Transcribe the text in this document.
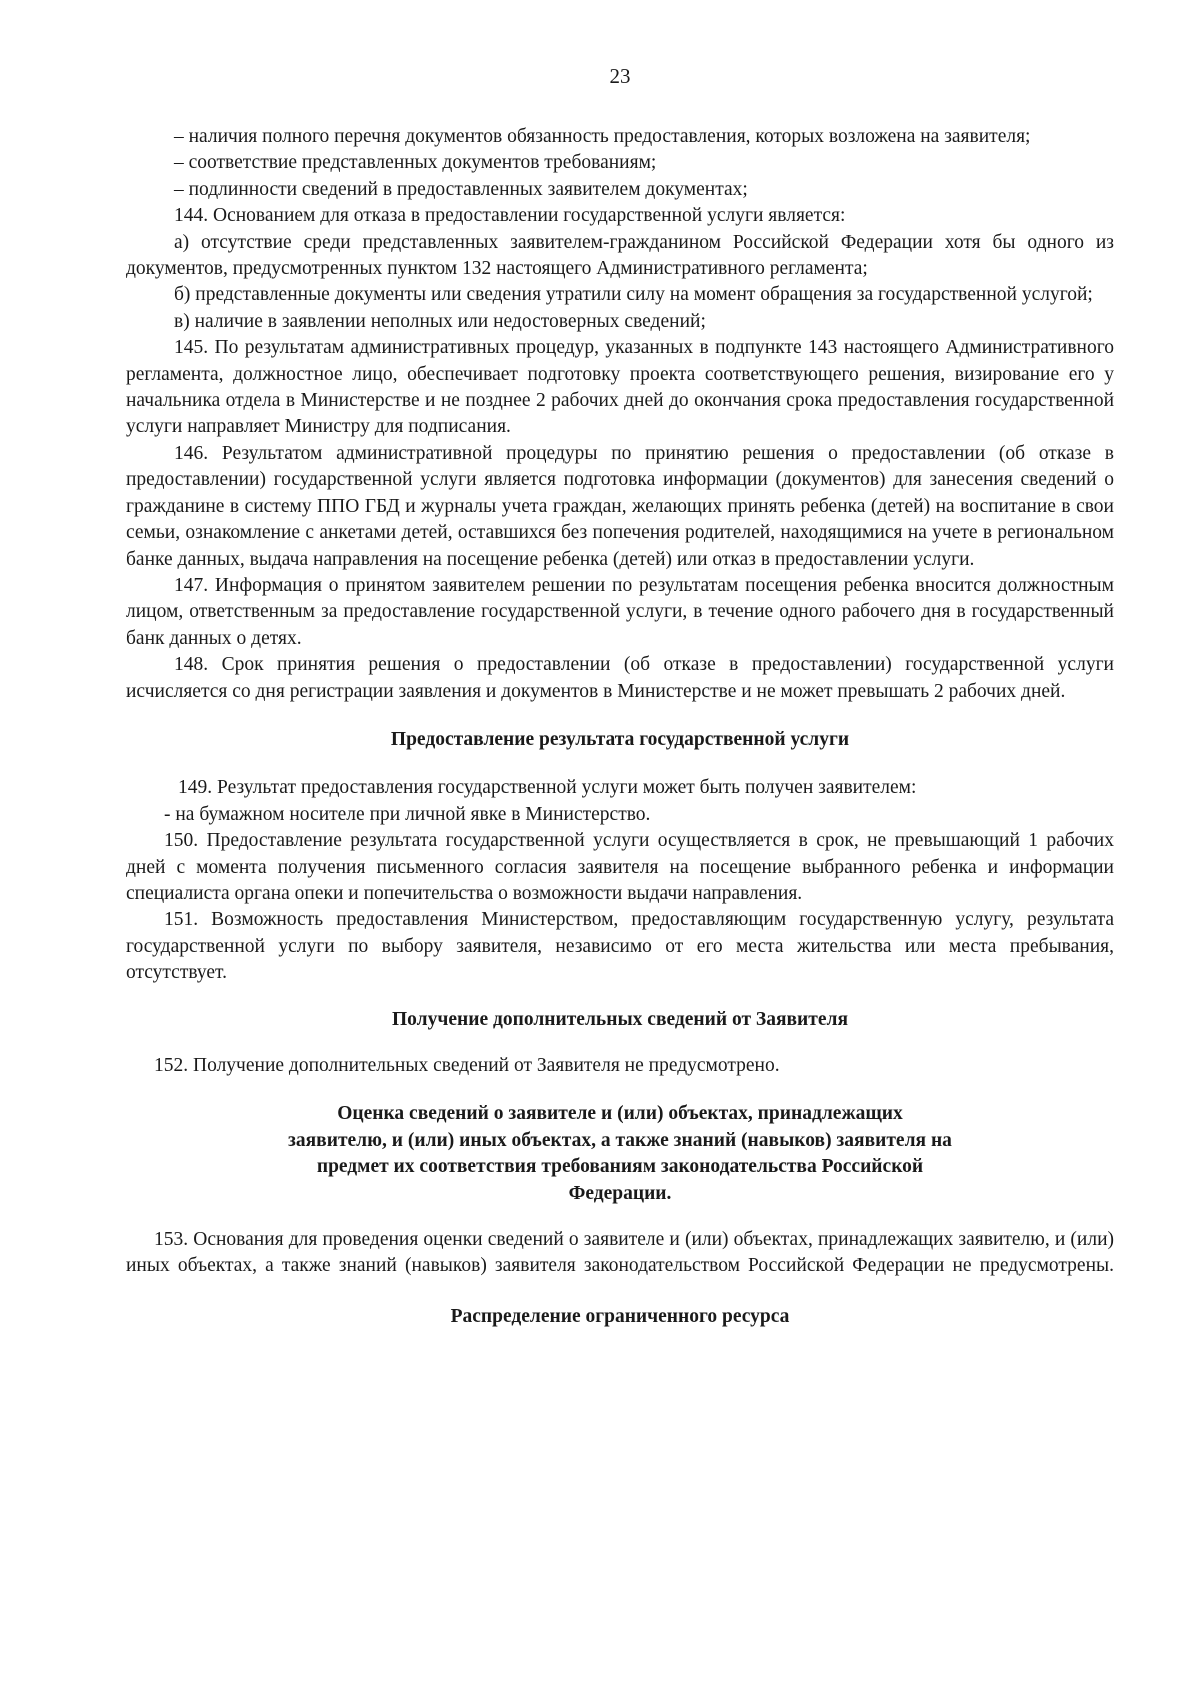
23

– наличия полного перечня документов обязанность предоставления, которых возложена на заявителя;

– соответствие представленных документов требованиям;

– подлинности сведений в предоставленных заявителем документах;

144. Основанием для отказа в предоставлении государственной услуги является:

а) отсутствие среди представленных заявителем-гражданином Российской Федерации хотя бы одного из документов, предусмотренных пунктом 132 настоящего Административного регламента;

б) представленные документы или сведения утратили силу на момент обращения за государственной услугой;

в) наличие в заявлении неполных или недостоверных сведений;

145. По результатам административных процедур, указанных в подпункте 143 настоящего Административного регламента, должностное лицо, обеспечивает подготовку проекта соответствующего решения, визирование его у начальника отдела в Министерстве и не позднее 2 рабочих дней до окончания срока предоставления государственной услуги направляет Министру для подписания.

146. Результатом административной процедуры по принятию решения о предоставлении (об отказе в предоставлении) государственной услуги является подготовка информации (документов) для занесения сведений о гражданине в систему ППО ГБД и журналы учета граждан, желающих принять ребенка (детей) на воспитание в свои семьи, ознакомление с анкетами детей, оставшихся без попечения родителей, находящимися на учете в региональном банке данных, выдача направления на посещение ребенка (детей) или отказ в предоставлении услуги.

147. Информация о принятом заявителем решении по результатам посещения ребенка вносится должностным лицом, ответственным за предоставление государственной услуги, в течение одного рабочего дня в государственный банк данных о детях.

148. Срок принятия решения о предоставлении (об отказе в предоставлении) государственной услуги исчисляется со дня регистрации заявления и документов в Министерстве и не может превышать 2 рабочих дней.

Предоставление результата государственной услуги

149. Результат предоставления государственной услуги может быть получен заявителем:

- на бумажном носителе при личной явке в Министерство.

150. Предоставление результата государственной услуги осуществляется в срок, не превышающий 1 рабочих дней с момента получения письменного согласия заявителя на посещение выбранного ребенка и информации специалиста органа опеки и попечительства о возможности выдачи направления.

151. Возможность предоставления Министерством, предоставляющим государственную услугу, результата государственной услуги по выбору заявителя, независимо от его места жительства или места пребывания, отсутствует.

Получение дополнительных сведений от Заявителя

152. Получение дополнительных сведений от Заявителя не предусмотрено.

Оценка сведений о заявителе и (или) объектах, принадлежащих заявителю, и (или) иных объектах, а также знаний (навыков) заявителя на предмет их соответствия требованиям законодательства Российской Федерации.

153. Основания для проведения оценки сведений о заявителе и (или) объектах, принадлежащих заявителю, и (или) иных объектах, а также знаний (навыков) заявителя законодательством Российской Федерации не предусмотрены.

Распределение ограниченного ресурса
